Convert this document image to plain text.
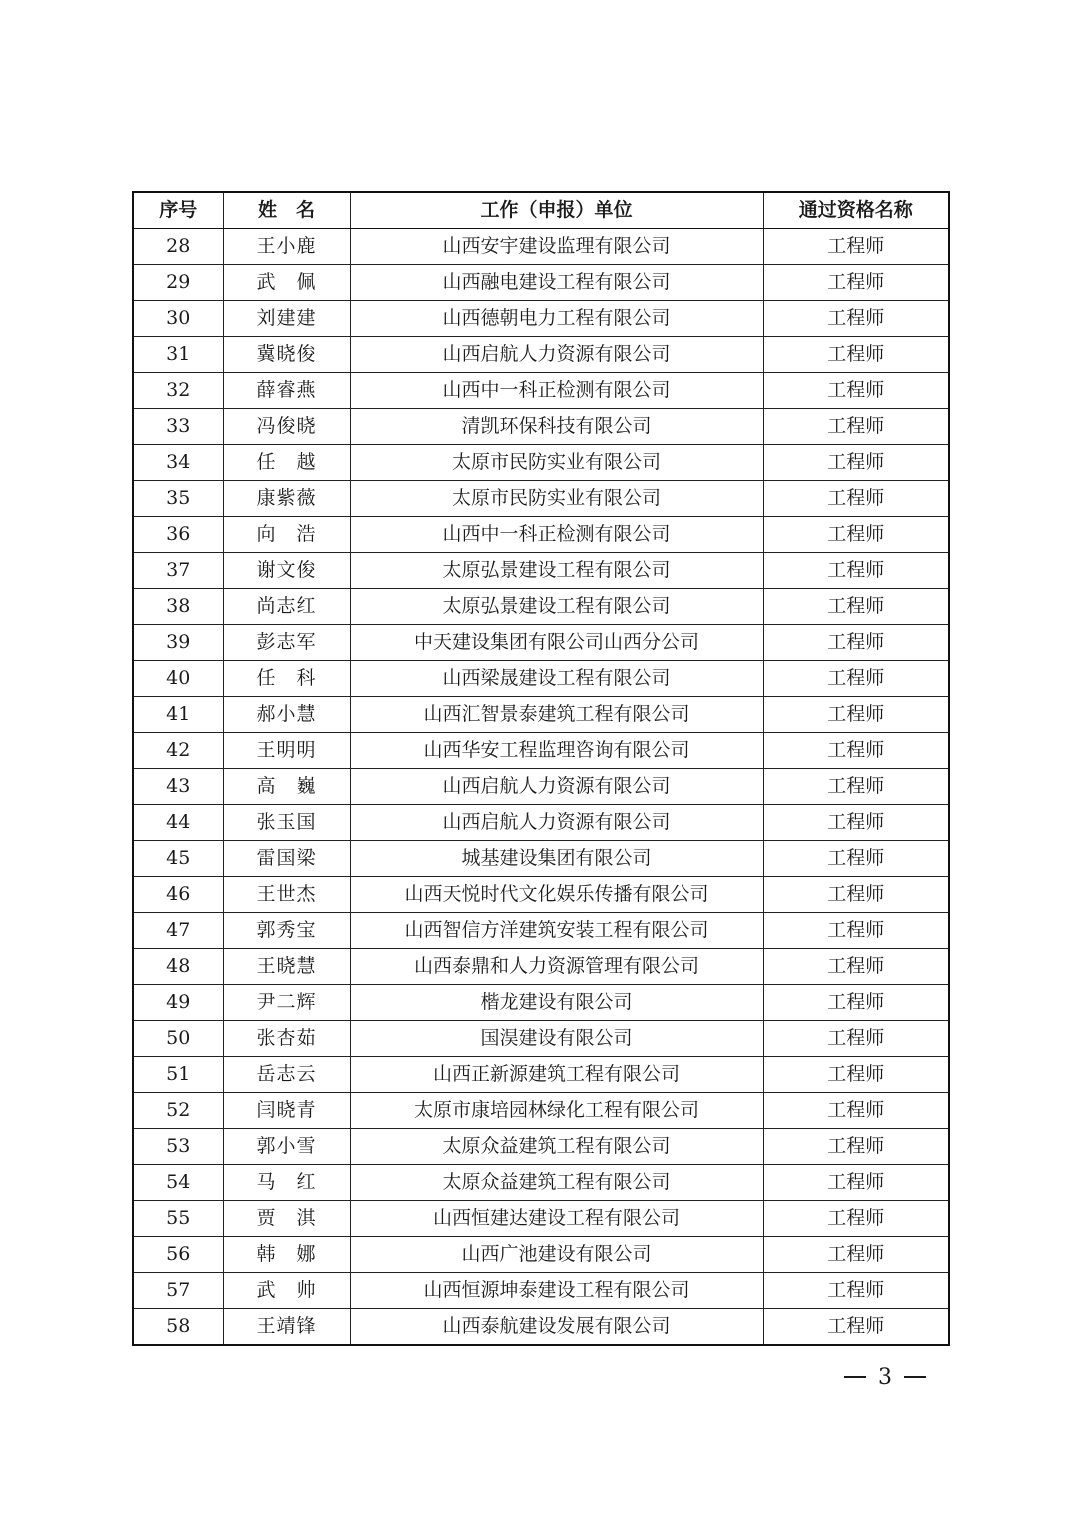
序号	姓　名	工作（申报）单位	通过资格名称
28	王小鹿	山西安宇建设监理有限公司	工程师
29	武　佩	山西融电建设工程有限公司	工程师
30	刘建建	山西德朝电力工程有限公司	工程师
31	冀晓俊	山西启航人力资源有限公司	工程师
32	薛睿燕	山西中一科正检测有限公司	工程师
33	冯俊晓	清凯环保科技有限公司	工程师
34	任　越	太原市民防实业有限公司	工程师
35	康紫薇	太原市民防实业有限公司	工程师
36	向　浩	山西中一科正检测有限公司	工程师
37	谢文俊	太原弘景建设工程有限公司	工程师
38	尚志红	太原弘景建设工程有限公司	工程师
39	彭志军	中天建设集团有限公司山西分公司	工程师
40	任　科	山西梁晟建设工程有限公司	工程师
41	郝小慧	山西汇智景泰建筑工程有限公司	工程师
42	王明明	山西华安工程监理咨询有限公司	工程师
43	高　巍	山西启航人力资源有限公司	工程师
44	张玉国	山西启航人力资源有限公司	工程师
45	雷国梁	城基建设集团有限公司	工程师
46	王世杰	山西天悦时代文化娱乐传播有限公司	工程师
47	郭秀宝	山西智信方洋建筑安装工程有限公司	工程师
48	王晓慧	山西泰鼎和人力资源管理有限公司	工程师
49	尹二辉	楷龙建设有限公司	工程师
50	张杏茹	国淏建设有限公司	工程师
51	岳志云	山西正新源建筑工程有限公司	工程师
52	闫晓青	太原市康培园林绿化工程有限公司	工程师
53	郭小雪	太原众益建筑工程有限公司	工程师
54	马　红	太原众益建筑工程有限公司	工程师
55	贾　淇	山西恒建达建设工程有限公司	工程师
56	韩　娜	山西广池建设有限公司	工程师
57	武　帅	山西恒源坤泰建设工程有限公司	工程师
58	王靖锋	山西泰航建设发展有限公司	工程师
3
